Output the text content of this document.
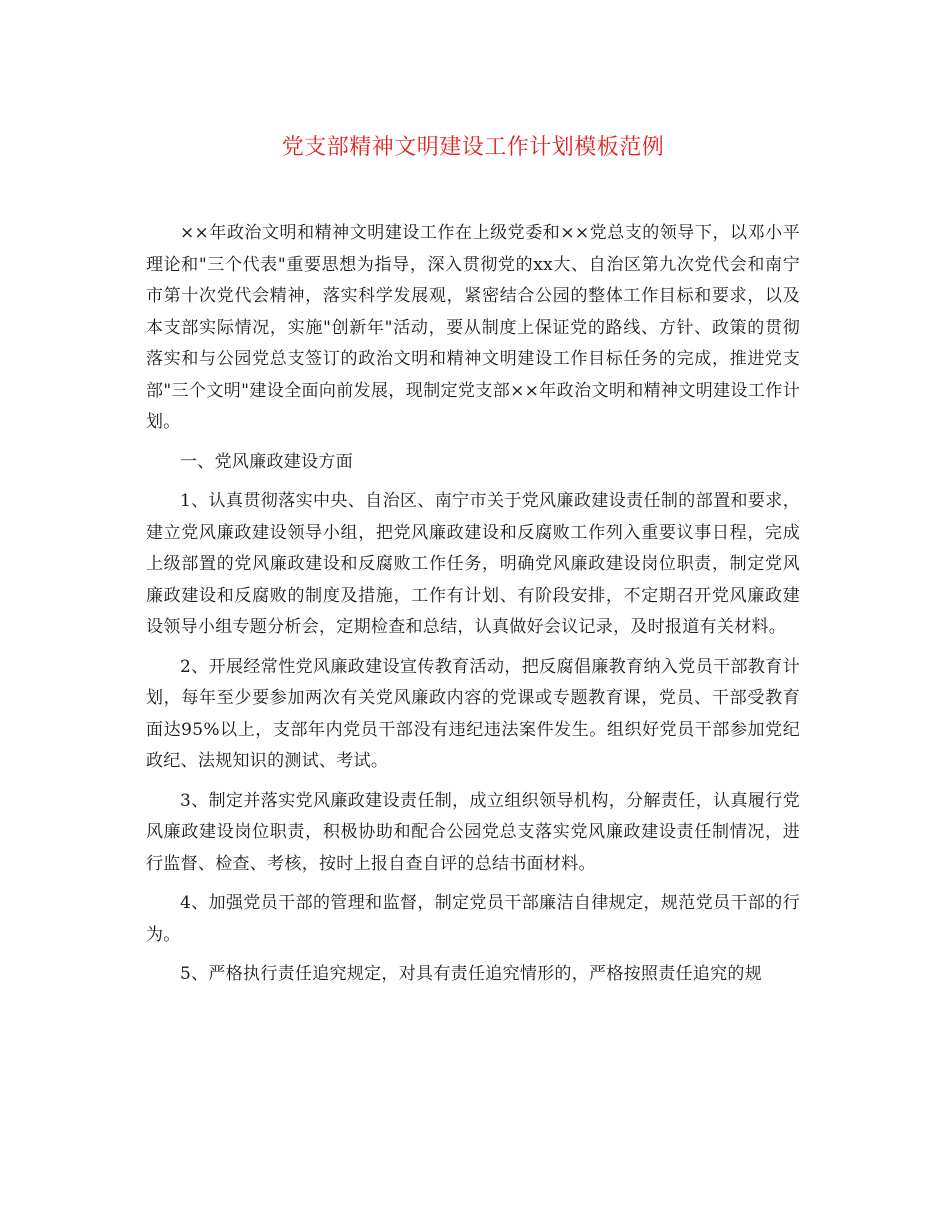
党支部精神文明建设工作计划模板范例

××年政治文明和精神文明建设工作在上级党委和××党总支的领导下，以邓小平理论和"三个代表"重要思想为指导，深入贯彻党的xx大、自治区第九次党代会和南宁市第十次党代会精神，落实科学发展观，紧密结合公园的整体工作目标和要求，以及本支部实际情况，实施"创新年"活动，要从制度上保证党的路线、方针、政策的贯彻落实和与公园党总支签订的政治文明和精神文明建设工作目标任务的完成，推进党支部"三个文明"建设全面向前发展，现制定党支部××年政治文明和精神文明建设工作计划。

一、党风廉政建设方面

1、认真贯彻落实中央、自治区、南宁市关于党风廉政建设责任制的部置和要求，建立党风廉政建设领导小组，把党风廉政建设和反腐败工作列入重要议事日程，完成上级部置的党风廉政建设和反腐败工作任务，明确党风廉政建设岗位职责，制定党风廉政建设和反腐败的制度及措施，工作有计划、有阶段安排，不定期召开党风廉政建设领导小组专题分析会，定期检查和总结，认真做好会议记录，及时报道有关材料。

2、开展经常性党风廉政建设宣传教育活动，把反腐倡廉教育纳入党员干部教育计划，每年至少要参加两次有关党风廉政内容的党课或专题教育课，党员、干部受教育面达95%以上，支部年内党员干部没有违纪违法案件发生。组织好党员干部参加党纪政纪、法规知识的测试、考试。

3、制定并落实党风廉政建设责任制，成立组织领导机构，分解责任，认真履行党风廉政建设岗位职责，积极协助和配合公园党总支落实党风廉政建设责任制情况，进行监督、检查、考核，按时上报自查自评的总结书面材料。

4、加强党员干部的管理和监督，制定党员干部廉洁自律规定，规范党员干部的行为。

5、严格执行责任追究规定，对具有责任追究情形的，严格按照责任追究的规
